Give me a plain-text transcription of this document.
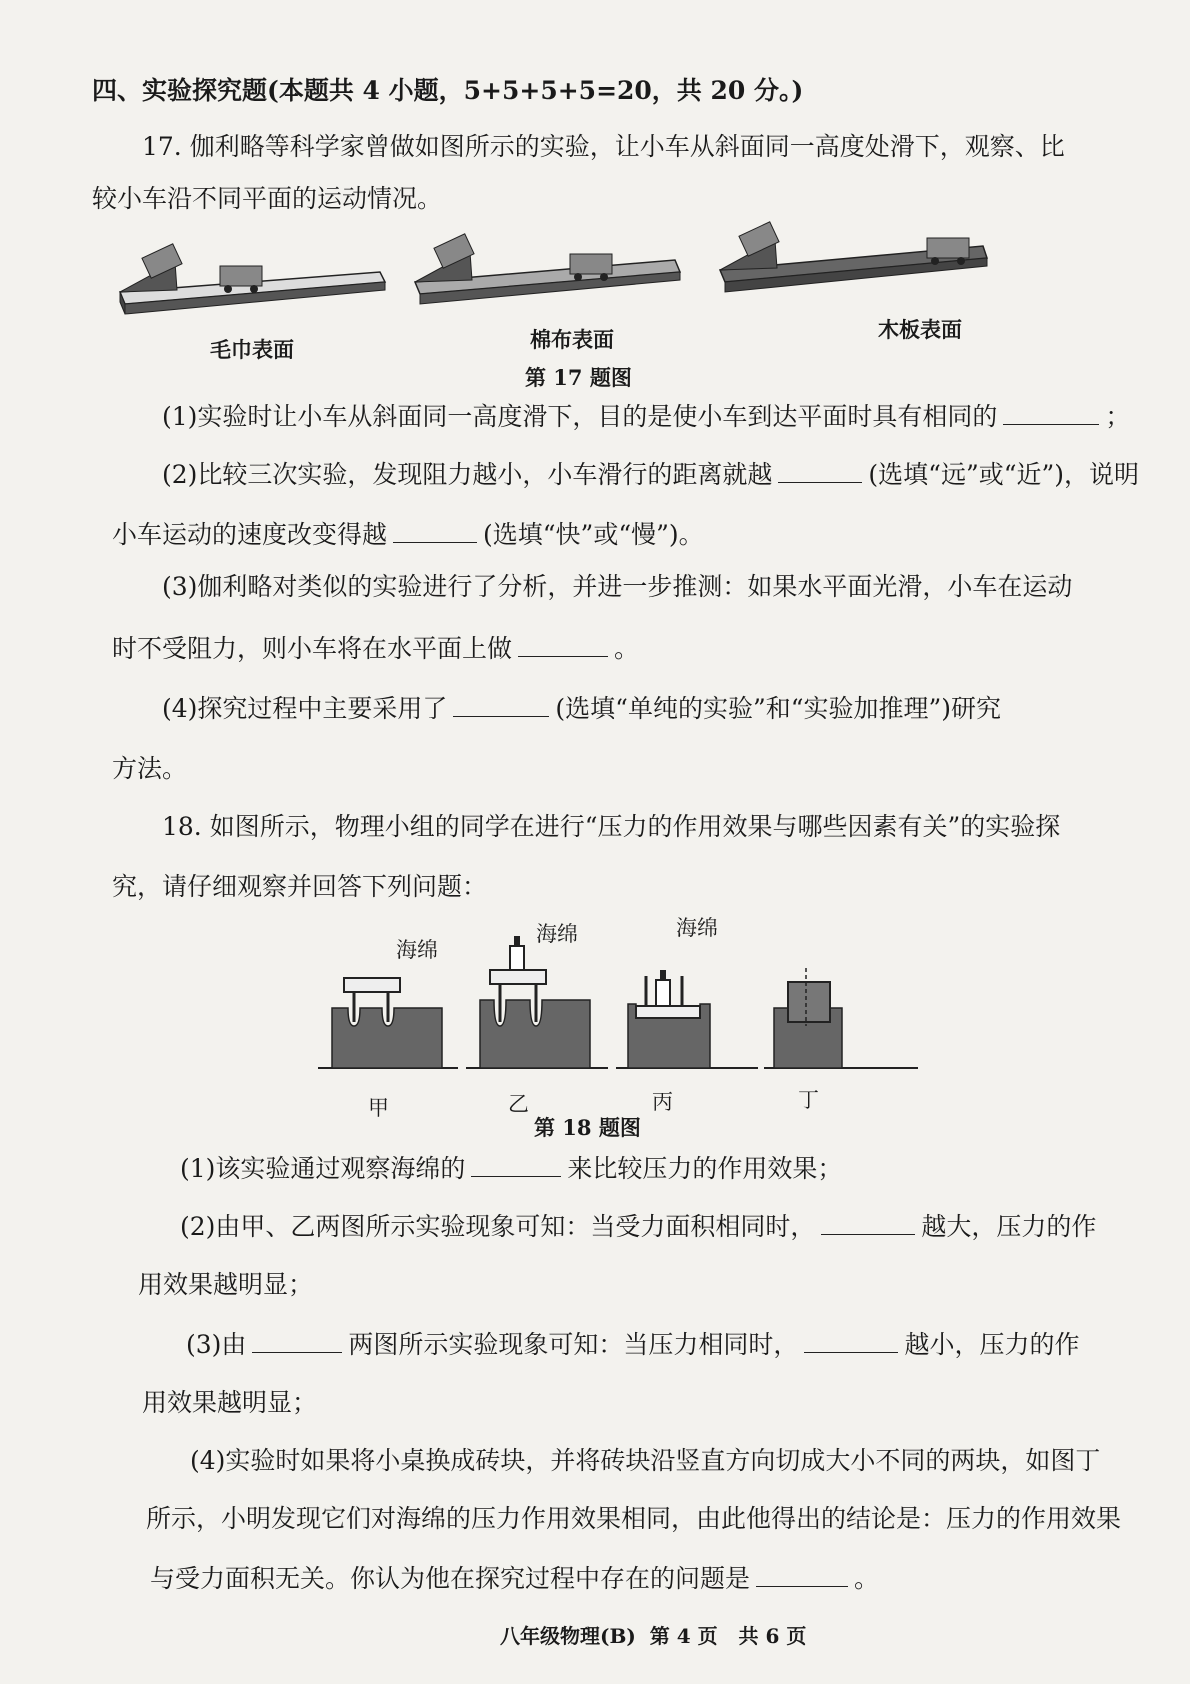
四、实验探究题(本题共 4 小题，5+5+5+5=20，共 20 分。)
17. 伽利略等科学家曾做如图所示的实验，让小车从斜面同一高度处滑下，观察、比
较小车沿不同平面的运动情况。
毛巾表面	棉布表面	木板表面
第 17 题图
(1)实验时让小车从斜面同一高度滑下，目的是使小车到达平面时具有相同的	；
(2)比较三次实验，发现阻力越小，小车滑行的距离就越	(选填“远”或“近”)，说明
小车运动的速度改变得越	(选填“快”或“慢”)。
(3)伽利略对类似的实验进行了分析，并进一步推测：如果水平面光滑，小车在运动
时不受阻力，则小车将在水平面上做	。
(4)探究过程中主要采用了	(选填“单纯的实验”和“实验加推理”)研究
方法。
18. 如图所示，物理小组的同学在进行“压力的作用效果与哪些因素有关”的实验探
究，请仔细观察并回答下列问题：
海绵
海绵	海绵
甲	乙	丙	丁
第 18 题图
(1)该实验通过观察海绵的	来比较压力的作用效果；
(2)由甲、乙两图所示实验现象可知：当受力面积相同时，	越大，压力的作
用效果越明显；
(3)由	两图所示实验现象可知：当压力相同时，	越小，压力的作
用效果越明显；
(4)实验时如果将小桌换成砖块，并将砖块沿竖直方向切成大小不同的两块，如图丁
所示，小明发现它们对海绵的压力作用效果相同，由此他得出的结论是：压力的作用效果
与受力面积无关。你认为他在探究过程中存在的问题是	。
八年级物理(B) 第 4 页 共 6 页
